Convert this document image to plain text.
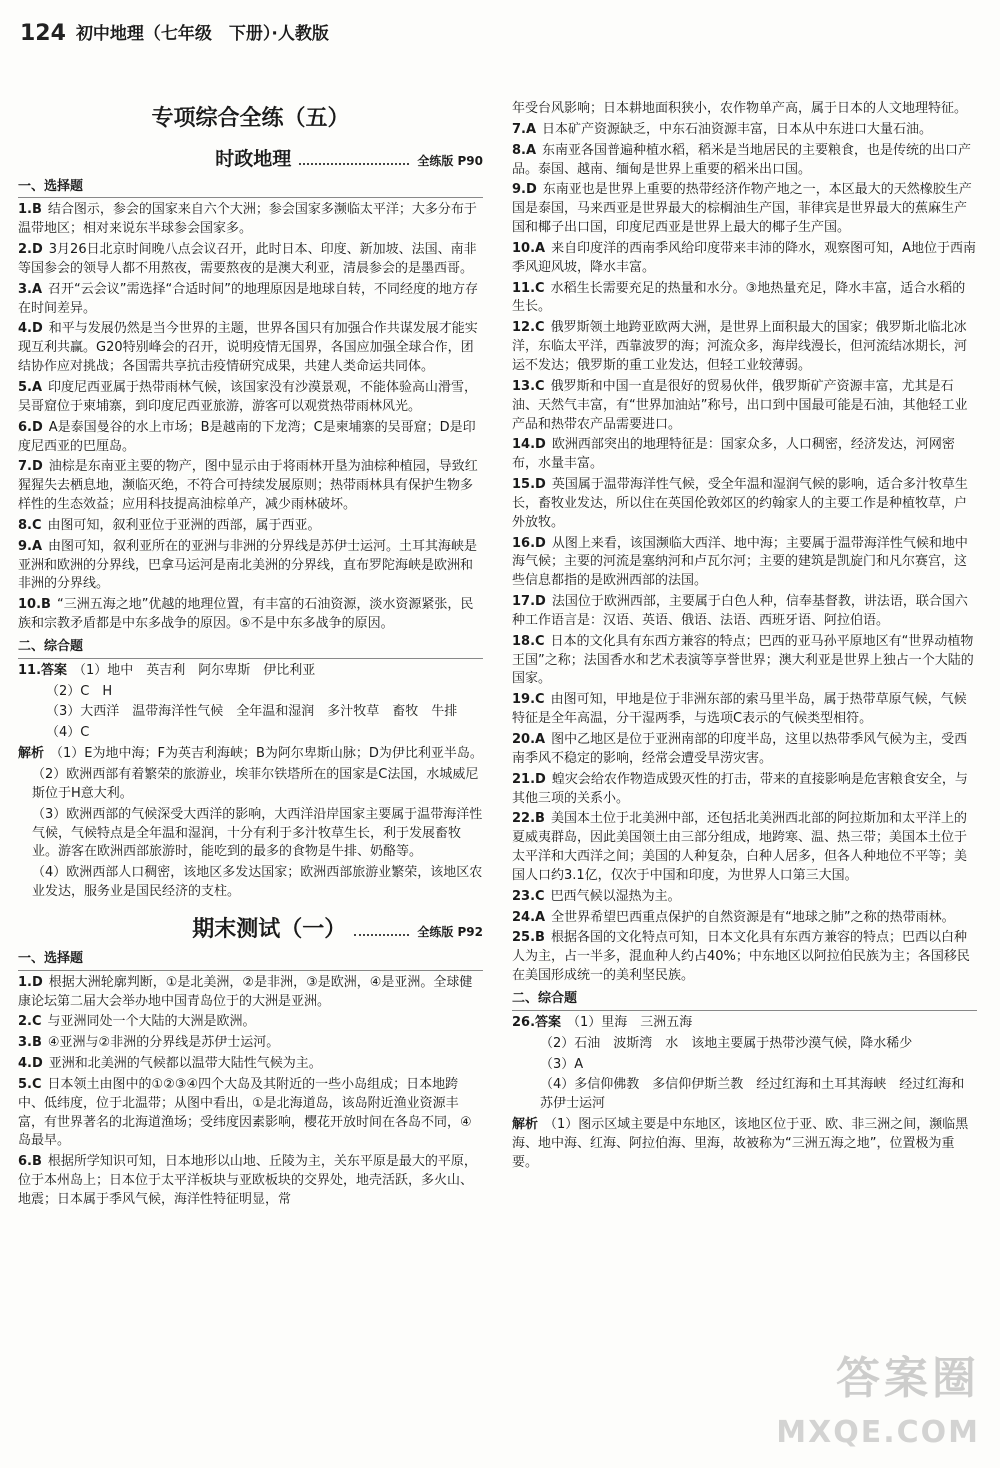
124 初中地理（七年级　下册）·人教版
专项综合全练（五）
时政地理	全练版 P90
一、选择题

1.B 结合图示，参会的国家来自六个大洲；参会国家多濒临太平洋；大多分布于温带地区；相对来说东半球参会国家多。

2.D 3月26日北京时间晚八点会议召开，此时日本、印度、新加坡、法国、南非等国参会的领导人都不用熬夜，需要熬夜的是澳大利亚，清晨参会的是墨西哥。

3.A 召开“云会议”需选择“合适时间”的地理原因是地球自转，不同经度的地方存在时间差异。

4.D 和平与发展仍然是当今世界的主题，世界各国只有加强合作共谋发展才能实现互利共赢。G20特别峰会的召开，说明疫情无国界，各国应加强全球合作，团结协作应对挑战；各国需共享抗击疫情研究成果，共建人类命运共同体。

5.A 印度尼西亚属于热带雨林气候，该国家没有沙漠景观，不能体验高山滑雪，吴哥窟位于柬埔寨，到印度尼西亚旅游，游客可以观赏热带雨林风光。

6.D A是泰国曼谷的水上市场；B是越南的下龙湾；C是柬埔寨的吴哥窟；D是印度尼西亚的巴厘岛。

7.D 油棕是东南亚主要的物产，图中显示由于将雨林开垦为油棕种植园，导致红猩猩失去栖息地，濒临灭绝，不符合可持续发展原则；热带雨林具有保护生物多样性的生态效益；应用科技提高油棕单产，减少雨林破坏。

8.C 由图可知，叙利亚位于亚洲的西部，属于西亚。

9.A 由图可知，叙利亚所在的亚洲与非洲的分界线是苏伊士运河。土耳其海峡是亚洲和欧洲的分界线，巴拿马运河是南北美洲的分界线，直布罗陀海峡是欧洲和非洲的分界线。

10.B “三洲五海之地”优越的地理位置，有丰富的石油资源，淡水资源紧张，民族和宗教矛盾都是中东多战争的原因。⑤不是中东多战争的原因。

二、综合题

11.答案 （1）地中　英吉利　阿尔卑斯　伊比利亚

（2）C　H

（3）大西洋　温带海洋性气候　全年温和湿润　多汁牧草　畜牧　牛排

（4）C

解析 （1）E为地中海；F为英吉利海峡；B为阿尔卑斯山脉；D为伊比利亚半岛。

（2）欧洲西部有着繁荣的旅游业，埃菲尔铁塔所在的国家是C法国，水城威尼斯位于H意大利。

（3）欧洲西部的气候深受大西洋的影响，大西洋沿岸国家主要属于温带海洋性气候，气候特点是全年温和湿润，十分有利于多汁牧草生长，利于发展畜牧业。游客在欧洲西部旅游时，能吃到的最多的食物是牛排、奶酪等。

（4）欧洲西部人口稠密，该地区多发达国家；欧洲西部旅游业繁荣，该地区农业发达，服务业是国民经济的支柱。

期末测试（一）	全练版 P92
一、选择题

1.D 根据大洲轮廓判断，①是北美洲，②是非洲，③是欧洲，④是亚洲。全球健康论坛第二届大会举办地中国青岛位于的大洲是亚洲。

2.C 与亚洲同处一个大陆的大洲是欧洲。

3.B ④亚洲与②非洲的分界线是苏伊士运河。

4.D 亚洲和北美洲的气候都以温带大陆性气候为主。

5.C 日本领土由图中的①②③④四个大岛及其附近的一些小岛组成；日本地跨中、低纬度，位于北温带；从图中看出，①是北海道岛，该岛附近渔业资源丰富，有世界著名的北海道渔场；受纬度因素影响，樱花开放时间在各岛不同，④岛最早。

6.B 根据所学知识可知，日本地形以山地、丘陵为主，关东平原是最大的平原，位于本州岛上；日本位于太平洋板块与亚欧板块的交界处，地壳活跃，多火山、地震；日本属于季风气候，海洋性特征明显，常

年受台风影响；日本耕地面积狭小，农作物单产高，属于日本的人文地理特征。

7.A 日本矿产资源缺乏，中东石油资源丰富，日本从中东进口大量石油。

8.A 东南亚各国普遍种植水稻，稻米是当地居民的主要粮食，也是传统的出口产品。泰国、越南、缅甸是世界上重要的稻米出口国。

9.D 东南亚也是世界上重要的热带经济作物产地之一，本区最大的天然橡胶生产国是泰国，马来西亚是世界最大的棕榈油生产国，菲律宾是世界最大的蕉麻生产国和椰子出口国，印度尼西亚是世界上最大的椰子生产国。

10.A 来自印度洋的西南季风给印度带来丰沛的降水，观察图可知，A地位于西南季风迎风坡，降水丰富。

11.C 水稻生长需要充足的热量和水分。③地热量充足，降水丰富，适合水稻的生长。

12.C 俄罗斯领土地跨亚欧两大洲，是世界上面积最大的国家；俄罗斯北临北冰洋，东临太平洋，西靠波罗的海；河流众多，海岸线漫长，但河流结冰期长，河运不发达；俄罗斯的重工业发达，但轻工业较薄弱。

13.C 俄罗斯和中国一直是很好的贸易伙伴，俄罗斯矿产资源丰富，尤其是石油、天然气丰富，有“世界加油站”称号，出口到中国最可能是石油，其他轻工业产品和热带农产品需要进口。

14.D 欧洲西部突出的地理特征是：国家众多，人口稠密，经济发达，河网密布，水量丰富。

15.D 英国属于温带海洋性气候，受全年温和湿润气候的影响，适合多汁牧草生长，畜牧业发达，所以住在英国伦敦郊区的约翰家人的主要工作是种植牧草，户外放牧。

16.D 从图上来看，该国濒临大西洋、地中海；主要属于温带海洋性气候和地中海气候；主要的河流是塞纳河和卢瓦尔河；主要的建筑是凯旋门和凡尔赛宫，这些信息都指的是欧洲西部的法国。

17.D 法国位于欧洲西部，主要属于白色人种，信奉基督教，讲法语，联合国六种工作语言是：汉语、英语、俄语、法语、西班牙语、阿拉伯语。

18.C 日本的文化具有东西方兼容的特点；巴西的亚马孙平原地区有“世界动植物王国”之称；法国香水和艺术表演等享誉世界；澳大利亚是世界上独占一个大陆的国家。

19.C 由图可知，甲地是位于非洲东部的索马里半岛，属于热带草原气候，气候特征是全年高温，分干湿两季，与选项C表示的气候类型相符。

20.A 图中乙地区是位于亚洲南部的印度半岛，这里以热带季风气候为主，受西南季风不稳定的影响，经常会遭受旱涝灾害。

21.D 蝗灾会给农作物造成毁灭性的打击，带来的直接影响是危害粮食安全，与其他三项的关系小。

22.B 美国本土位于北美洲中部，还包括北美洲西北部的阿拉斯加和太平洋上的夏威夷群岛，因此美国领土由三部分组成，地跨寒、温、热三带；美国本土位于太平洋和大西洋之间；美国的人种复杂，白种人居多，但各人种地位不平等；美国人口约3.1亿，仅次于中国和印度，为世界人口第三大国。

23.C 巴西气候以湿热为主。

24.A 全世界希望巴西重点保护的自然资源是有“地球之肺”之称的热带雨林。

25.B 根据各国的文化特点可知，日本文化具有东西方兼容的特点；巴西以白种人为主，占一半多，混血种人约占40%；中东地区以阿拉伯民族为主；各国移民在美国形成统一的美利坚民族。

二、综合题

26.答案 （1）里海　三洲五海

（2）石油　波斯湾　水　该地主要属于热带沙漠气候，降水稀少

（3）A

（4）多信仰佛教　多信仰伊斯兰教　经过红海和土耳其海峡　经过红海和苏伊士运河

解析 （1）图示区域主要是中东地区，该地区位于亚、欧、非三洲之间，濒临黑海、地中海、红海、阿拉伯海、里海，故被称为“三洲五海之地”，位置极为重要。

答案圈
MXQE.COM
